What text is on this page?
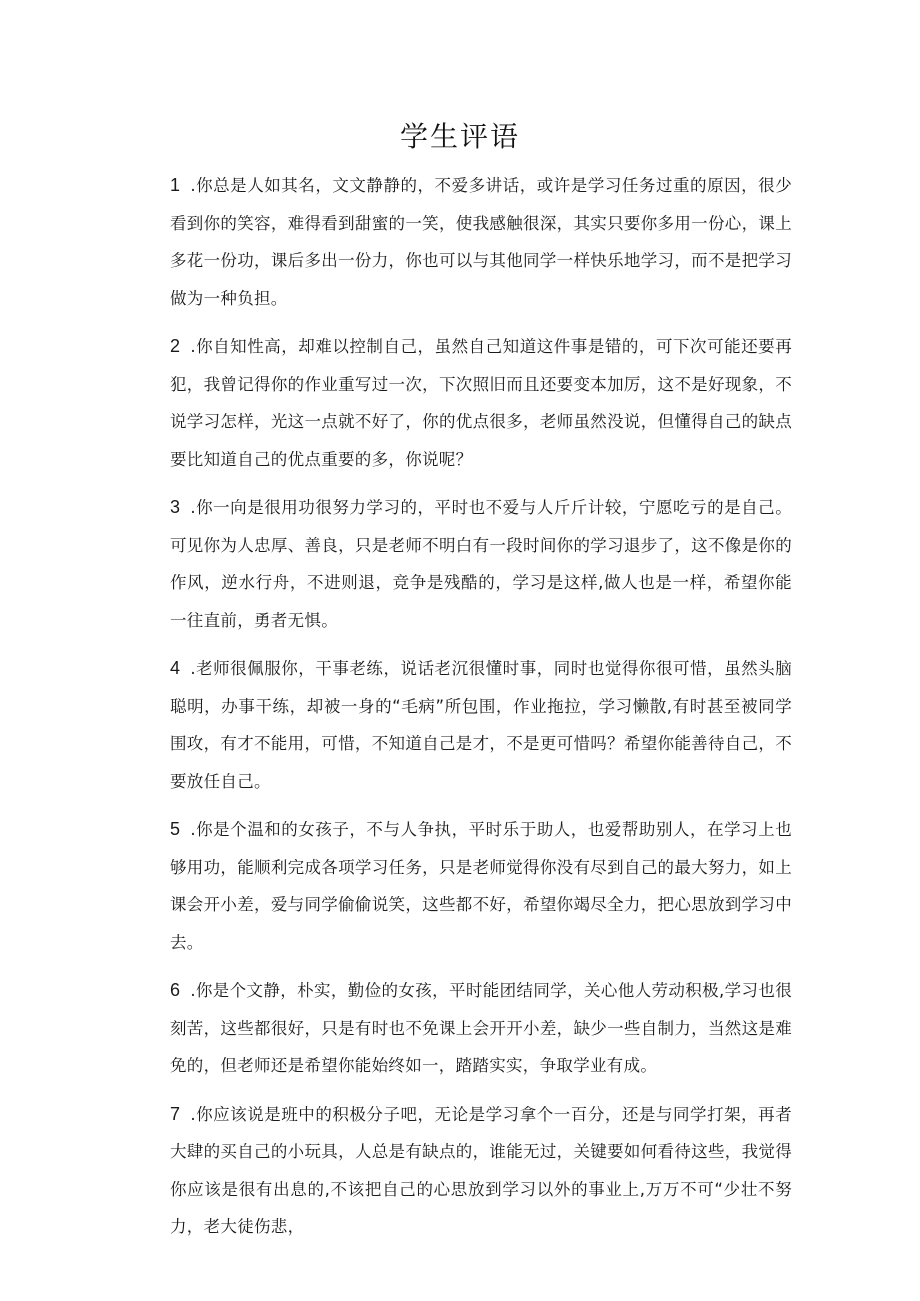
学生评语

1 .你总是人如其名，文文静静的，不爱多讲话，或许是学习任务过重的原因，很少看到你的笑容，难得看到甜蜜的一笑，使我感触很深，其实只要你多用一份心，课上多花一份功，课后多出一份力，你也可以与其他同学一样快乐地学习，而不是把学习做为一种负担。

2 .你自知性高，却难以控制自己，虽然自己知道这件事是错的，可下次可能还要再犯，我曾记得你的作业重写过一次，下次照旧而且还要变本加厉，这不是好现象，不说学习怎样，光这一点就不好了，你的优点很多，老师虽然没说，但懂得自己的缺点要比知道自己的优点重要的多，你说呢？

3 .你一向是很用功很努力学习的，平时也不爱与人斤斤计较，宁愿吃亏的是自己。可见你为人忠厚、善良，只是老师不明白有一段时间你的学习退步了，这不像是你的作风，逆水行舟，不进则退，竞争是残酷的，学习是这样,做人也是一样，希望你能一往直前，勇者无惧。

4 .老师很佩服你，干事老练，说话老沉很懂时事，同时也觉得你很可惜，虽然头脑聪明，办事干练，却被一身的“毛病”所包围，作业拖拉，学习懒散,有时甚至被同学围攻，有才不能用，可惜，不知道自己是才，不是更可惜吗？希望你能善待自己，不要放任自己。

5 .你是个温和的女孩子，不与人争执，平时乐于助人，也爱帮助别人，在学习上也够用功，能顺利完成各项学习任务，只是老师觉得你没有尽到自己的最大努力，如上课会开小差，爱与同学偷偷说笑，这些都不好，希望你竭尽全力，把心思放到学习中去。

6 .你是个文静，朴实，勤俭的女孩，平时能团结同学，关心他人劳动积极,学习也很刻苦，这些都很好，只是有时也不免课上会开开小差，缺少一些自制力，当然这是难免的，但老师还是希望你能始终如一，踏踏实实，争取学业有成。

7 .你应该说是班中的积极分子吧，无论是学习拿个一百分，还是与同学打架，再者大肆的买自己的小玩具，人总是有缺点的，谁能无过，关键要如何看待这些，我觉得你应该是很有出息的,不该把自己的心思放到学习以外的事业上,万万不可“少壮不努力，老大徒伤悲，
